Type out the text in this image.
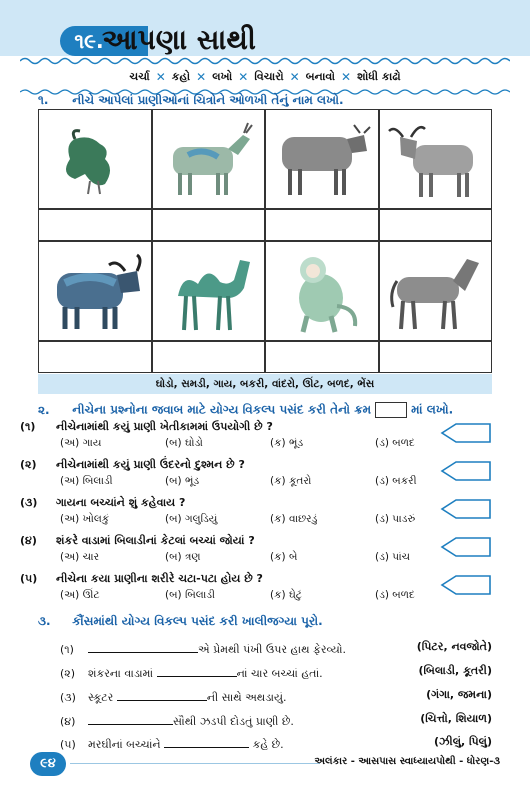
૧૯.
આપણા સાથી
ચર્ચા ✕ કહો ✕ લખો ✕ વિચારો ✕ બનાવો ✕ શોધી કાઢો
૧. નીચે આપેલાં પ્રાણીઓનાં ચિત્રોને ઓળખી તેનું નામ લખો.
ઘોડો, સમડી, ગાય, બકરી, વાંદરો, ઊંટ, બળદ, ભેંસ
૨. નીચેના પ્રશ્નોના જવાબ માટે યોગ્ય વિકલ્પ પસંદ કરી તેનો ક્રમ	માં લખો.
(૧) નીચેનામાંથી કયું પ્રાણી ખેતીકામમાં ઉપયોગી છે ?
(અ) ગાય	(બ) ઘોડો	(ક) ભૂંડ	(ડ) બળદ
(૨) નીચેનામાંથી કયું પ્રાણી ઉંદરનો દુશ્મન છે ?
(અ) બિલાડી	(બ) ભૂંડ	(ક) કૂતરો	(ડ) બકરી
(૩) ગાયના બચ્ચાંને શું કહેવાય ?
(અ) ખોલકું	(બ) ગલુડિયું	(ક) વાછરડું	(ડ) પાડરું
(૪) શંકરે વાડામાં બિલાડીનાં કેટલાં બચ્ચાં જોયાં ?
(અ) ચાર	(બ) ત્રણ	(ક) બે	(ડ) પાંચ
(૫) નીચેના કયા પ્રાણીના શરીરે ચટા-પટા હોય છે ?
(અ) ઊંટ	(બ) બિલાડી	(ક) ઘેટું	(ડ) બળદ
૩. કૌંસમાંથી યોગ્ય વિકલ્પ પસંદ કરી ખાલીજગ્યા પૂરો.
(૧)	એ પ્રેમથી પંખી ઉપર હાથ ફેરવ્યો.	(પિટર, નવજોતે)
(૨) શંકરના વાડામાં	નાં ચાર બચ્ચાં હતાં.	(બિલાડી, કૂતરી)
(૩) સ્કૂટર	ની સાથે અથડાયું.	(ગંગા, જમના)
(૪)	સૌથી ઝડપી દોડતું પ્રાણી છે.	(ચિત્તો, શિયાળ)
(૫) મરઘીનાં બચ્ચાંને	કહે છે.	(ઝીલું, પિલું)
૯૪	અલંકાર - આસપાસ સ્વાધ્યાયપોથી - ધોરણ-૩
